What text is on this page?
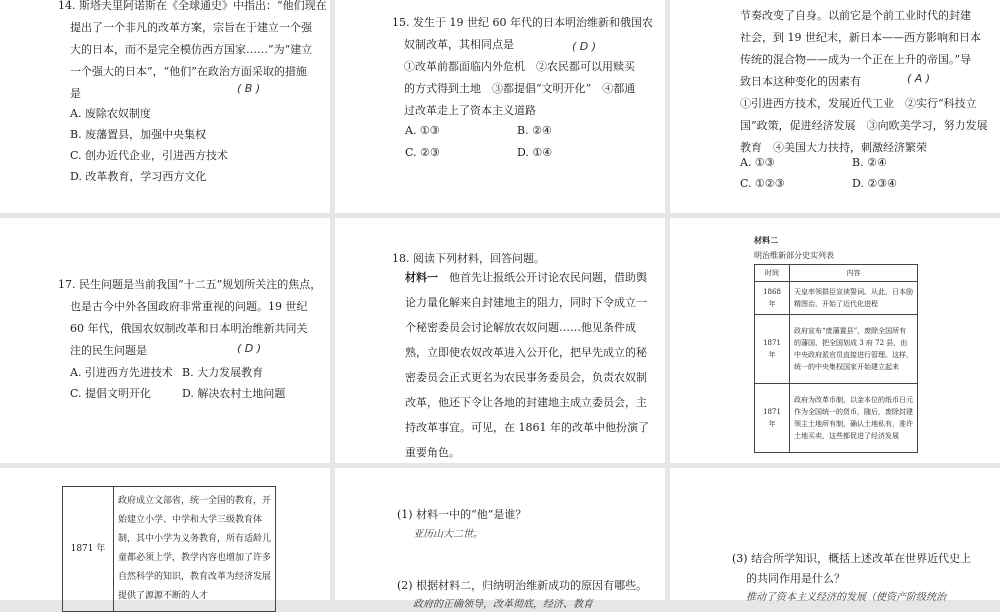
14. 斯塔夫里阿诺斯在《全球通史》中指出：“他们现在

提出了一个非凡的改革方案，宗旨在于建立一个强

大的日本，而不是完全模仿西方国家……”为“建立

一个强大的日本”，“他们”在政治方面采取的措施

是	( B )
A. 废除农奴制度
B. 废藩置县，加强中央集权
C. 创办近代企业，引进西方技术
D. 改革教育，学习西方文化

15. 发生于 19 世纪 60 年代的日本明治维新和俄国农

奴制改革，其相同点是

①改革前都面临内外危机　②农民都可以用赎买

的方式得到土地　③都提倡“文明开化”　④都通

过改革走上了资本主义道路

( D )
A. ①③	B. ②④
C. ②③	D. ①④

节奏改变了自身。以前它是个前工业时代的封建

社会，到 19 世纪末，新日本——西方影响和日本

传统的混合物——成为一个正在上升的帝国。”导

致日本这种变化的因素有

①引进西方技术，发展近代工业　②实行“科技立

国”政策，促进经济发展　③向欧美学习，努力发展

教育　④美国大力扶持，刺激经济繁荣

( A )
A. ①③	B. ②④
C. ①②③	D. ②③④

17. 民生问题是当前我国“十二五”规划所关注的焦点，

也是古今中外各国政府非常重视的问题。19 世纪

60 年代，俄国农奴制改革和日本明治维新共同关

注的民生问题是	( D )
A. 引进西方先进技术 B. 大力发展教育
C. 提倡文明开化	D. 解决农村土地问题
18. 阅读下列材料，回答问题。

材料一　 他首先让报纸公开讨论农民问题，借助舆

论力量化解来自封建地主的阻力，同时下令成立一

个秘密委员会讨论解放农奴问题……他见条件成

熟，立即使农奴改革进入公开化，把早先成立的秘

密委员会正式更名为农民事务委员会，负责农奴制

改革，他还下令让各地的封建地主成立委员会，主

持改革事宜。可见，在 1861 年的改革中他扮演了

重要角色。

材料二
明治维新部分史实列表
时间	内容
1868 年	天皇率领群臣宣读誓词。从此，日本励精图治，开始了近代化进程
1871 年	政府宣布“废藩置县”，废除全国所有的藩国，把全国划成 3 府 72 县，由中央政府派官员直接进行管理。这样，统一的中央集权国家开始建立起来
1871 年	政府为改革币制，以金本位的纸币日元作为全国统一的货币，随后，废除封建领主土地所有制，确认土地私有，准许土地买卖，这些都促进了经济发展
1871 年	政府成立文部省，统一全国的教育，开始建立小学、中学和大学三级教育体制，其中小学为义务教育，所有适龄儿童都必须上学，教学内容也增加了许多自然科学的知识，教育改革为经济发展提供了源源不断的人才
(1) 材料一中的“他”是谁？
亚历山大二世。
(2) 根据材料二，归纳明治维新成功的原因有哪些。
政府的正确领导，改革彻底，经济、教育
(3) 结合所学知识，概括上述改革在世界近代史上
的共同作用是什么？
推动了资本主义经济的发展（使资产阶级统治
